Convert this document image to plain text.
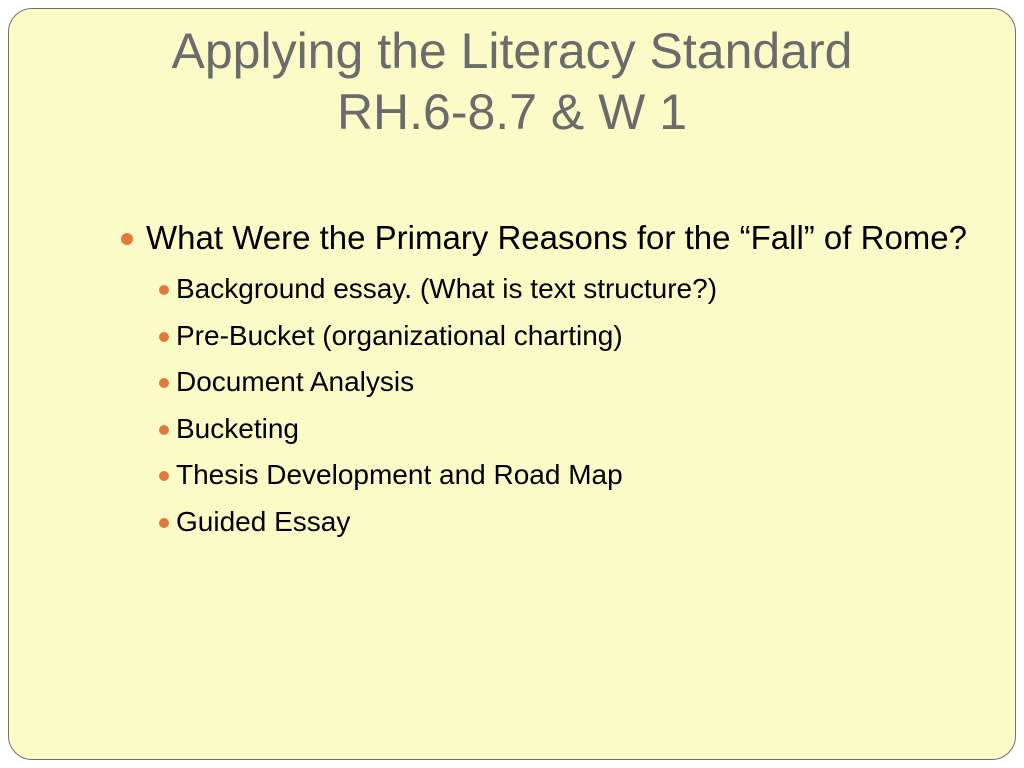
Applying the Literacy Standard
RH.6-8.7 & W 1
What Were the Primary Reasons for the “Fall” of Rome?
Background essay. (What is text structure?)
Pre-Bucket (organizational charting)
Document Analysis
Bucketing
Thesis Development and Road Map
Guided Essay
